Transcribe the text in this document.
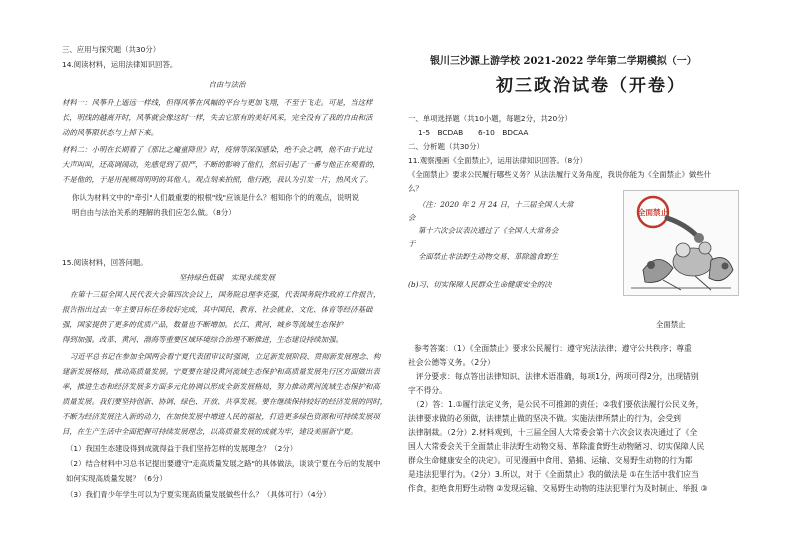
三、应用与探究题（共30分）
14.阅读材料，运用法律知识回答。
自由与法治
材料一：风筝升上遥远一样线，但得风筝在风幅的平台与更加飞翔，不至于飞走。可是，当这样
长，明线的越离开时，风筝就会像这时一样，失去它原有的美好风采，完全没有了我的自由和活
动的风筝限状态与上掉下来。
材料二：小明在长期看了《那比之魔童降世》时，疫情等深深感染，绝不会之晒，他不由于此过
大声叫叫，还高调闹动，先感觉到了很严，不断的影响了他们，然后引起了一番与他正在观看的，
不是他的，于是用视频周明明的其他人。观点刻来拍照，他行跑，我认为引发一片，热风火了。
你认为材料文中的"牵引"人们最重要的根根"线"应该是什么？相知你个的的观点，说明说
明自由与法治关系的理解的我们应怎么做。（8分）
15.阅读材料，回答问题。
坚持绿色低碳　实现永续发展
在第十三届全国人民代表大会第四次会议上，国务院总理李克强，代表国务院作政府工作报告，
报告指出过去一年主要目标任务较好完成，其中国民、教育、社会就业、文化、体育等经济基础
强，国家提供了更多的优质产品，数量也不断增加。长江、黄河、城乡等流域生态保护
得到加强。改革、黄河、渤海等重要区域环境综合治理不断推进，生态建设持续加强。
习近平总书记在参加全国两会看宁夏代表团审议时强调，立足新发展阶段、贯彻新发展理念、构
建新发展格局，推动高质量发展。宁夏要在建设黄河流域生态保护和高质量发展先行区方面做出表
率，推进生态和经济发展多方面多元化协调以形成全新发展格局，努力推动黄河流域生态保护和高
质量发展。我们要坚持创新、协调、绿色、开放、共享发展。要在继续保持较好的经济发展的同时，
不断为经济发展注入新的动力，在加快发展中增进人民的福祉，打造更多绿色资源和可持续发展项
目，在生产生活中全面把握可持续发展理念，以高质量发展的成就为牢，建设美丽新宁夏。
（1）我国生态建设得到成就得益于我们坚持怎样的发展理念？（2分）
（2）结合材料中习总书记提出要遵守"走高质量发展之路"的具体做法，谈谈宁夏在今后的发展中
如何实现高质量发展？（6分）
（3）我们青少年学生可以为宁夏实现高质量发展做些什么？（具体可行）（4分）
银川三沙源上游学校 2021-2022 学年第二学期模拟（一）
初三政治试卷（开卷）
一、单项选择题（共10小题，每题2分，共20分）
1-5　BCDAB　　6-10　BDCAA
二、分析题（共30分）
11.观察漫画《全面禁止》，运用法律知识回答。（8分）
《全面禁止》要求公民履行哪些义务？从法法履行义务角度，我说你能为《全面禁止》做些什
么？
（注：2020 年 2 月 24 日，十三届全国人大常
会
第十六次会议表决通过了《全国人大常务会
于
全面禁止非法野生动物交易、革除滥食野生
(b)习、切实保障人民群众生命健康安全的决
全面禁止
全面禁止
参考答案：（1）《全面禁止》要求公民履行：遵守宪法法律；遵守公共秩序；尊重
社会公德等义务。（2分）
　评分要求：每点答出法律知识、法律术语准确，每项1分，两项可得2分，出现错别
字不得分。
　（2）答：1.①履行法定义务，是公民不可推卸的责任；②我们要依法履行公民义务，
法律要求做的必须做，法律禁止做的坚决不做。实施法律所禁止的行为，会受到
法律制裁。（2分）2.材料观到，十三届全国人大常委会第十六次会议表决通过了《全
国人大常委会关于全面禁止非法野生动物交易、革除滥食野生动物陋习、切实保障人民
群众生命健康安全的决定》。可见漫画中食用、猎捕、运输、交易野生动物的行为都
是违法犯罪行为。（2分）3.所以，对于《全面禁止》我的做法是 ①在生活中我们应当
作食，拒绝食用野生动物 ②发现运输、交易野生动物的违法犯罪行为及时制止、举报 ③
